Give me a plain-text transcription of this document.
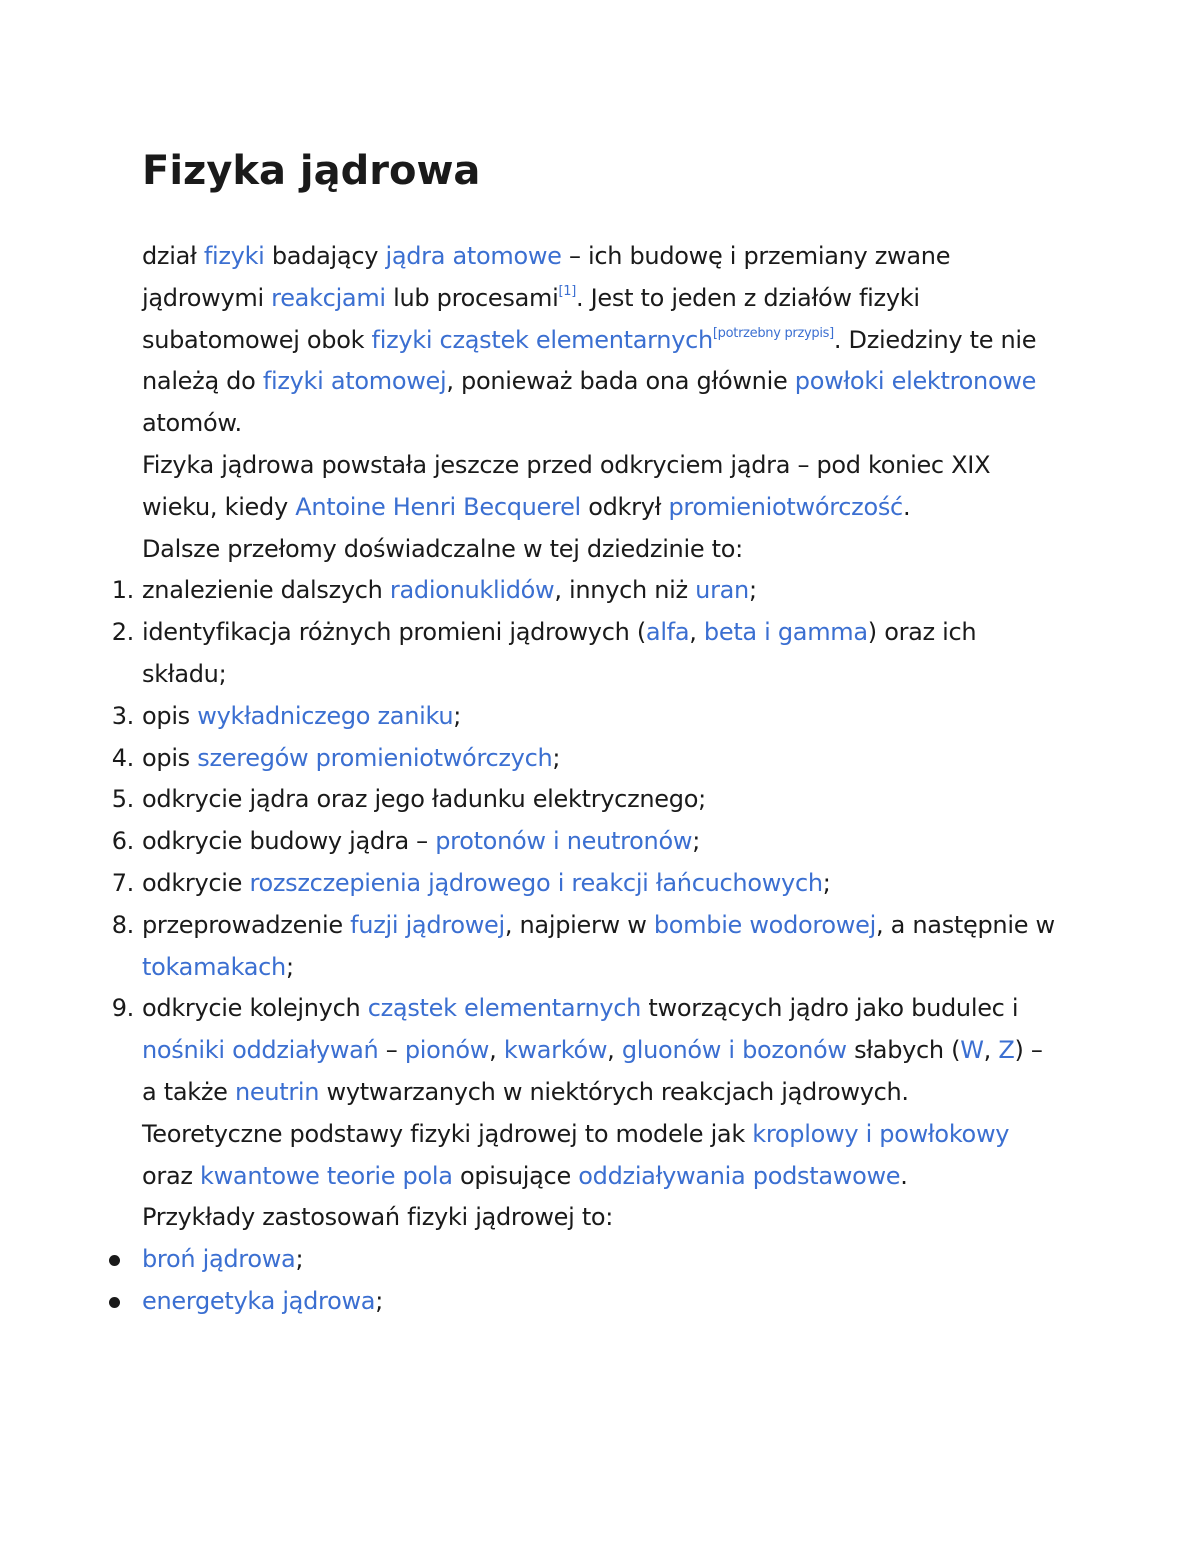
Fizyka jądrowa

dział fizyki badający jądra atomowe – ich budowę i przemiany zwane jądrowymi reakcjami lub procesami[1]. Jest to jeden z działów fizyki subatomowej obok fizyki cząstek elementarnych[potrzebny przypis]. Dziedziny te nie należą do fizyki atomowej, ponieważ bada ona głównie powłoki elektronowe atomów.

Fizyka jądrowa powstała jeszcze przed odkryciem jądra – pod koniec XIX wieku, kiedy Antoine Henri Becquerel odkrył promieniotwórczość.

Dalsze przełomy doświadczalne w tej dziedzinie to:

1. znalezienie dalszych radionuklidów, innych niż uran;
2. identyfikacja różnych promieni jądrowych (alfa, beta i gamma) oraz ich składu;
3. opis wykładniczego zaniku;
4. opis szeregów promieniotwórczych;
5. odkrycie jądra oraz jego ładunku elektrycznego;
6. odkrycie budowy jądra – protonów i neutronów;
7. odkrycie rozszczepienia jądrowego i reakcji łańcuchowych;
8. przeprowadzenie fuzji jądrowej, najpierw w bombie wodorowej, a następnie w tokamakach;
9. odkrycie kolejnych cząstek elementarnych tworzących jądro jako budulec i nośniki oddziaływań – pionów, kwarków, gluonów i bozonów słabych (W, Z) – a także neutrin wytwarzanych w niektórych reakcjach jądrowych.

Teoretyczne podstawy fizyki jądrowej to modele jak kroplowy i powłokowy oraz kwantowe teorie pola opisujące oddziaływania podstawowe.

Przykłady zastosowań fizyki jądrowej to:

broń jądrowa;
energetyka jądrowa;
